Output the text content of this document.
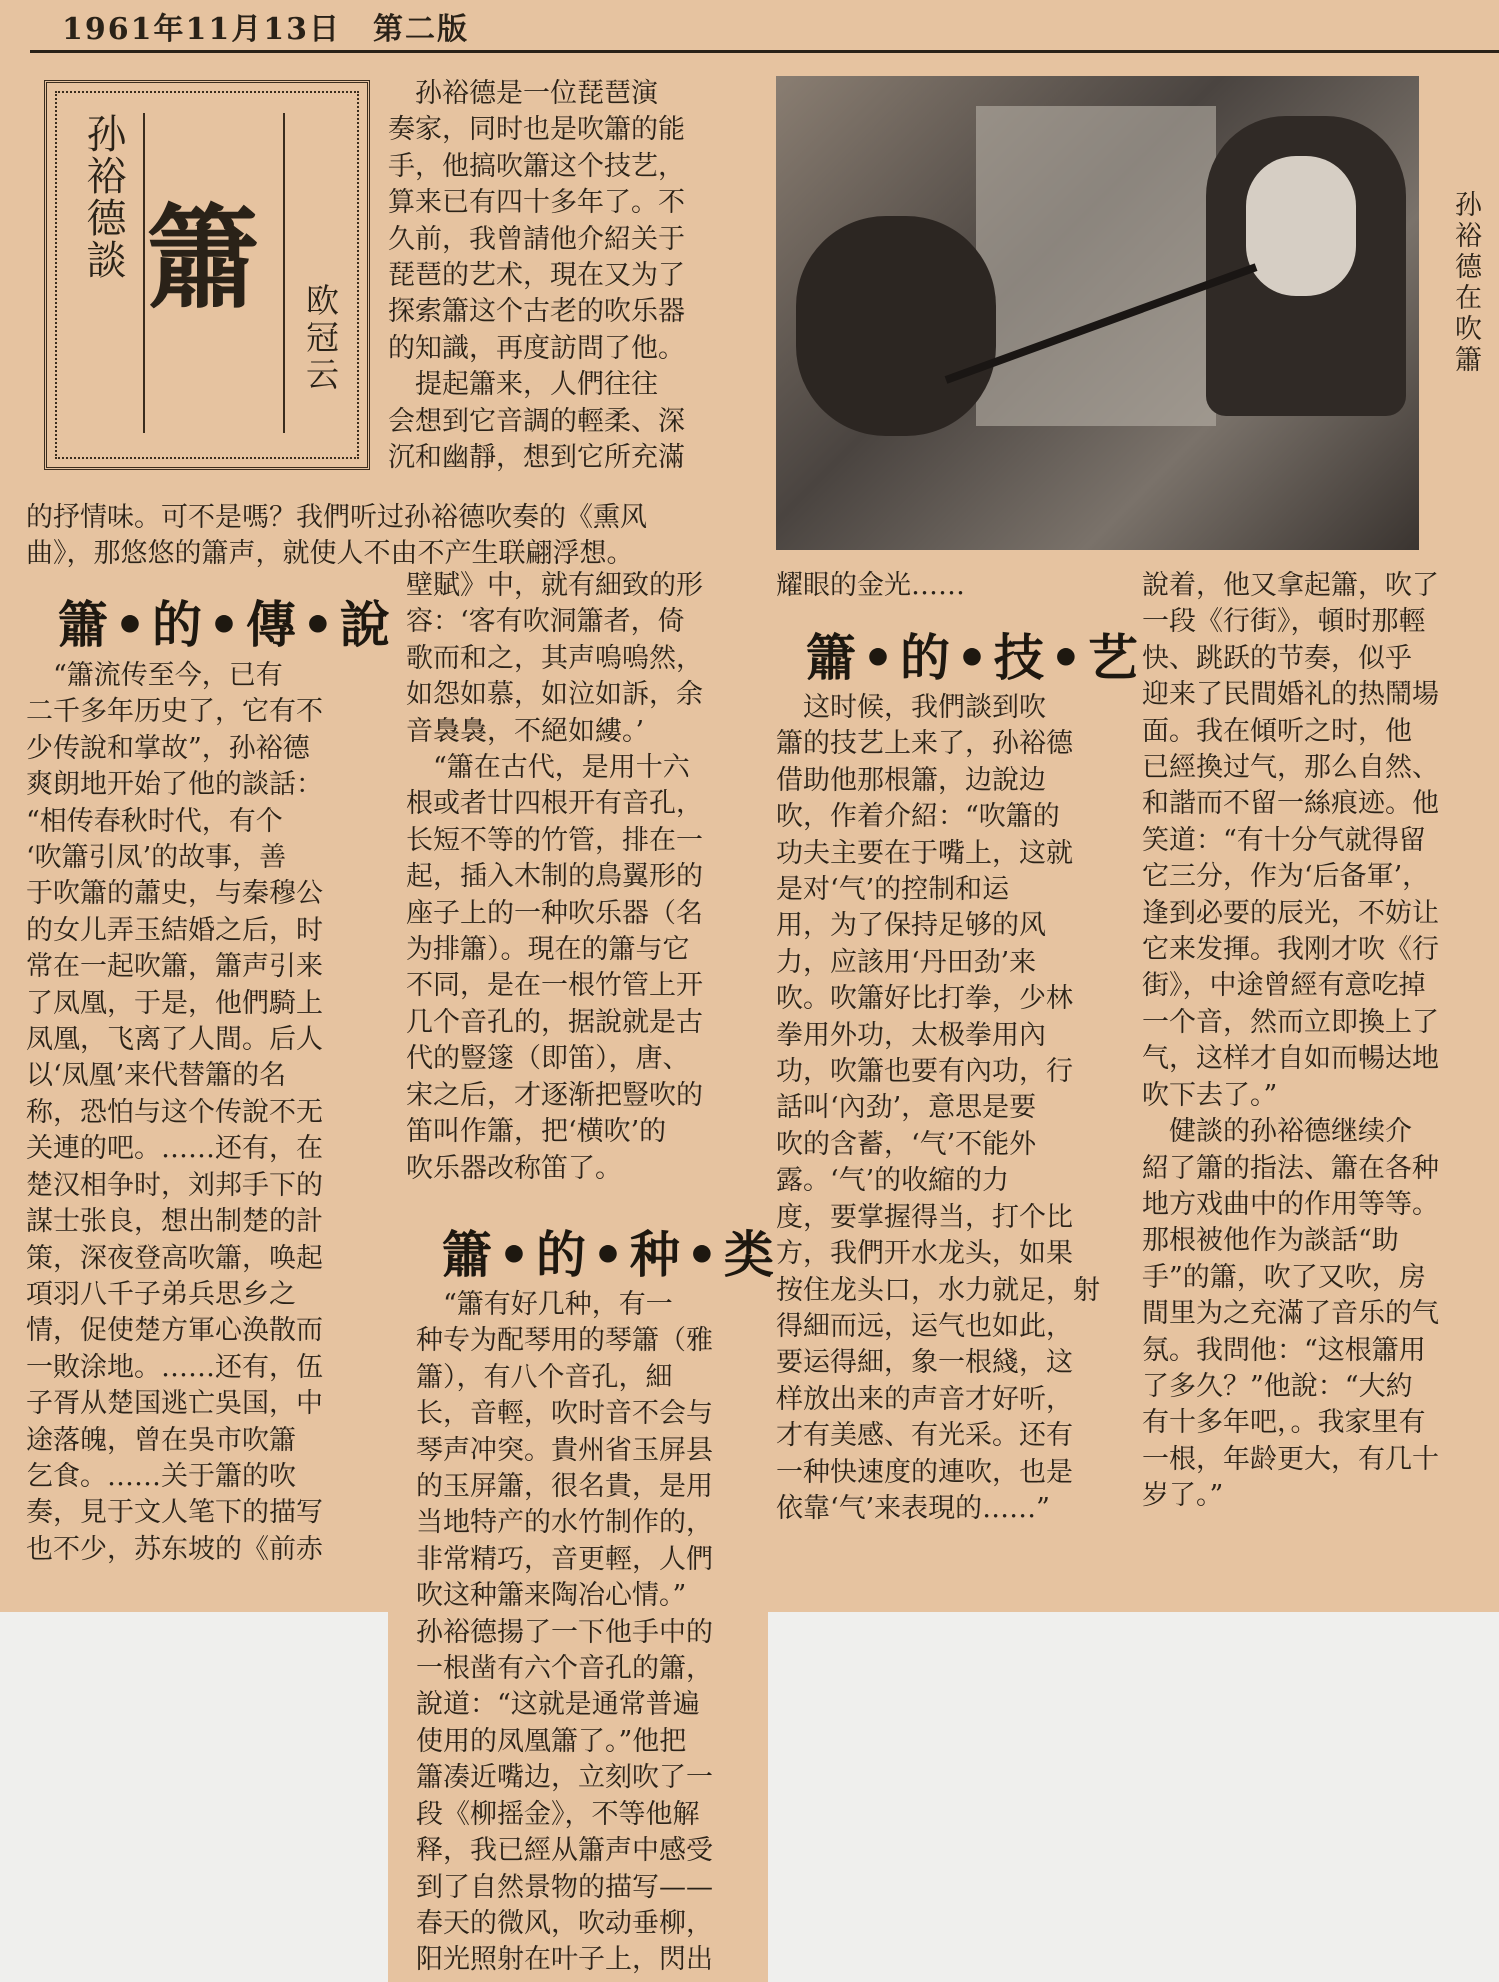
1961年11月13日　第二版
孙裕德談 簫
欧冠云	孙裕德在吹簫
　孙裕德是一位琵琶演
奏家，同时也是吹簫的能
手，他搞吹簫这个技艺，
算来已有四十多年了。不
久前，我曾請他介紹关于
琵琶的艺术，現在又为了
探索簫这个古老的吹乐器
的知識，再度訪問了他。
　提起簫来，人們往往
会想到它音調的輕柔、深
沉和幽靜，想到它所充滿
的抒情味。可不是嗎？我們听过孙裕德吹奏的《熏风
曲》，那悠悠的簫声，就使人不由不产生联翩浮想。
簫•的•傳•說
　“簫流传至今，已有
二千多年历史了，它有不
少传說和掌故”，孙裕德
爽朗地开始了他的談話：
“相传春秋时代，有个
‘吹簫引凤’的故事，善
于吹簫的蕭史，与秦穆公
的女儿弄玉結婚之后，时
常在一起吹簫，簫声引来
了凤凰，于是，他們騎上
凤凰，飞离了人間。后人
以‘凤凰’来代替簫的名
称，恐怕与这个传說不无
关連的吧。……还有，在
楚汉相争时，刘邦手下的
謀士张良，想出制楚的計
策，深夜登高吹簫，唤起
項羽八千子弟兵思乡之
情，促使楚方軍心涣散而
一敗涂地。……还有，伍
子胥从楚国逃亡吳国，中
途落魄，曾在吳市吹簫
乞食。……关于簫的吹
奏，見于文人笔下的描写
也不少，苏东坡的《前赤
壁賦》中，就有細致的形
容：‘客有吹洞簫者，倚
歌而和之，其声嗚嗚然，
如怨如慕，如泣如訴，余
音裊裊，不絕如縷。’
　“簫在古代，是用十六
根或者廿四根开有音孔，
长短不等的竹管，排在一
起，插入木制的鳥翼形的
座子上的一种吹乐器（名
为排簫）。現在的簫与它
不同，是在一根竹管上开
几个音孔的，据說就是古
代的豎篴（即笛），唐、
宋之后，才逐渐把豎吹的
笛叫作簫，把‘横吹’的
吹乐器改称笛了。
簫•的•种•类
　“簫有好几种，有一
种专为配琴用的琴簫（雅
簫），有八个音孔，細
长，音輕，吹时音不会与
琴声冲突。貴州省玉屏县
的玉屏簫，很名貴，是用
当地特产的水竹制作的，
非常精巧，音更輕，人們
吹这种簫来陶冶心情。”
孙裕德揚了一下他手中的
一根凿有六个音孔的簫，
說道：“这就是通常普遍
使用的凤凰簫了。”他把
簫凑近嘴边，立刻吹了一
段《柳摇金》，不等他解
释，我已經从簫声中感受
到了自然景物的描写——
春天的微风，吹动垂柳，
阳光照射在叶子上，閃出
耀眼的金光……
簫•的•技•艺
　这时候，我們談到吹
簫的技艺上来了，孙裕德
借助他那根簫，边說边
吹，作着介紹：“吹簫的
功夫主要在于嘴上，这就
是对‘气’的控制和运
用，为了保持足够的风
力，应該用‘丹田劲’来
吹。吹簫好比打拳，少林
拳用外功，太极拳用內
功，吹簫也要有內功，行
話叫‘內劲’，意思是要
吹的含蓄，‘气’不能外
露。‘气’的收縮的力
度，要掌握得当，打个比
方，我們开水龙头，如果
按住龙头口，水力就足，射
得細而远，运气也如此，
要运得細，象一根綫，这
样放出来的声音才好听，
才有美感、有光采。还有
一种快速度的連吹，也是
依靠‘气’来表現的……”
說着，他又拿起簫，吹了
一段《行街》，頓时那輕
快、跳跃的节奏，似乎
迎来了民間婚礼的热鬧場
面。我在傾听之时，他
已經換过气，那么自然、
和諧而不留一絲痕迹。他
笑道：“有十分气就得留
它三分，作为‘后备軍’，
逢到必要的辰光，不妨让
它来发揮。我刚才吹《行
街》，中途曾經有意吃掉
一个音，然而立即換上了
气，这样才自如而暢达地
吹下去了。”
　健談的孙裕德继续介
紹了簫的指法、簫在各种
地方戏曲中的作用等等。
那根被他作为談話“助
手”的簫，吹了又吹，房
間里为之充滿了音乐的气
氛。我問他：“这根簫用
了多久？”他說：“大約
有十多年吧，。我家里有
一根，年龄更大，有几十
岁了。”
